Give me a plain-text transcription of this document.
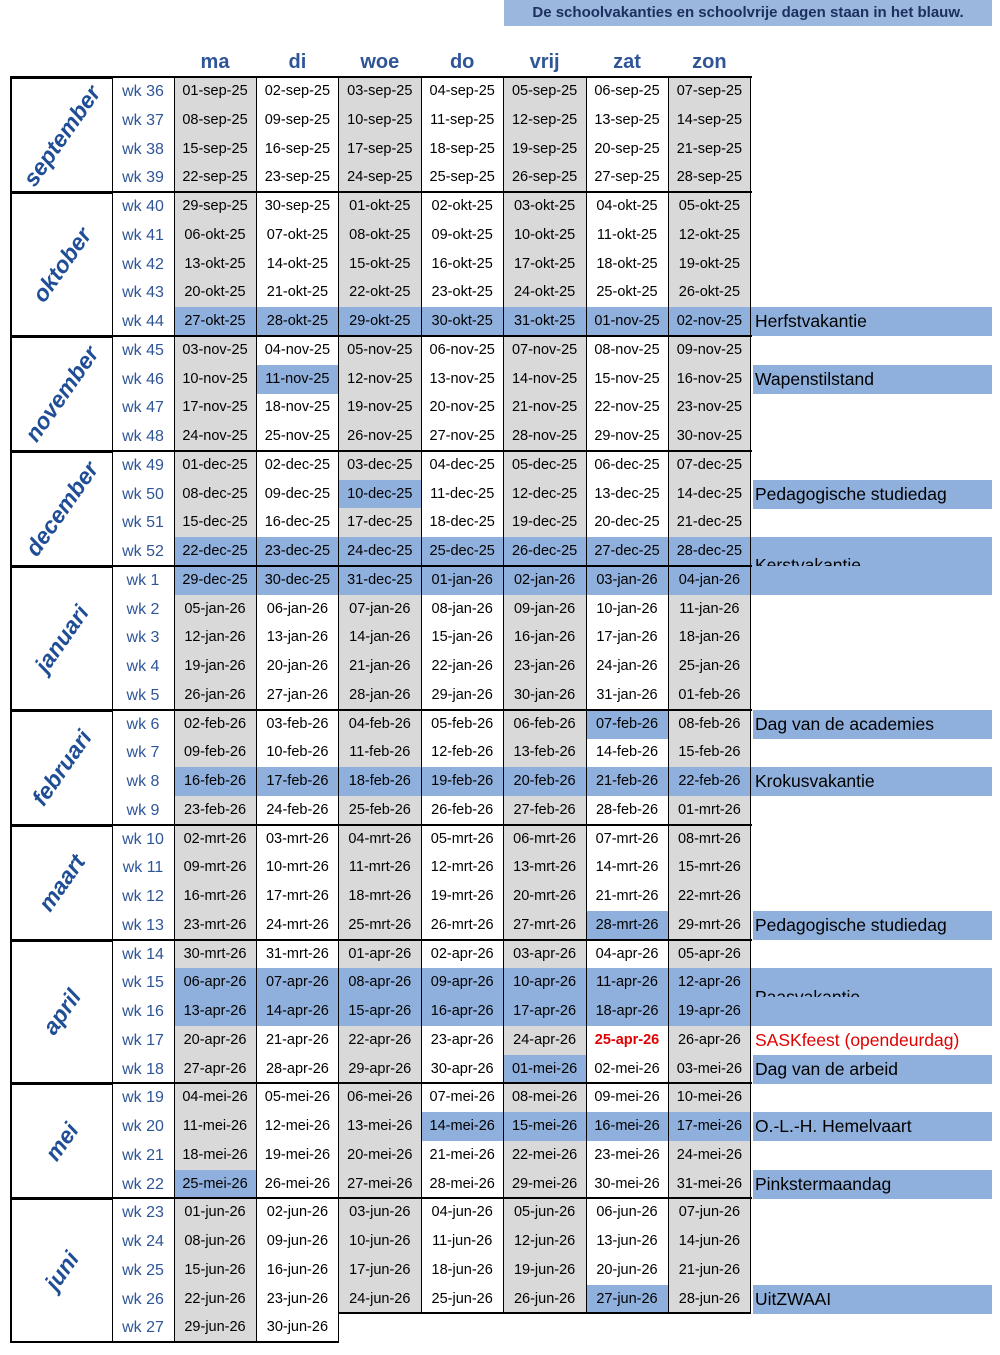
De schoolvakanties en schoolvrije dagen staan in het blauw.
ma	di	woe	do	vrij	zat	zon
wk 36	01-sep-25	02-sep-25	03-sep-25	04-sep-25	05-sep-25	06-sep-25	07-sep-25
wk 37	08-sep-25	09-sep-25	10-sep-25	11-sep-25	12-sep-25	13-sep-25	14-sep-25
wk 38	15-sep-25	16-sep-25	17-sep-25	18-sep-25	19-sep-25	20-sep-25	21-sep-25
wk 39	22-sep-25	23-sep-25	24-sep-25	25-sep-25	26-sep-25	27-sep-25	28-sep-25
wk 40	29-sep-25	30-sep-25	01-okt-25	02-okt-25	03-okt-25	04-okt-25	05-okt-25
wk 41	06-okt-25	07-okt-25	08-okt-25	09-okt-25	10-okt-25	11-okt-25	12-okt-25
wk 42	13-okt-25	14-okt-25	15-okt-25	16-okt-25	17-okt-25	18-okt-25	19-okt-25
wk 43	20-okt-25	21-okt-25	22-okt-25	23-okt-25	24-okt-25	25-okt-25	26-okt-25
wk 44	27-okt-25	28-okt-25	29-okt-25	30-okt-25	31-okt-25	01-nov-25	02-nov-25 Herfstvakantie
wk 45	03-nov-25	04-nov-25	05-nov-25	06-nov-25	07-nov-25	08-nov-25	09-nov-25
wk 46	10-nov-25	11-nov-25	12-nov-25	13-nov-25	14-nov-25	15-nov-25	16-nov-25 Wapenstilstand
wk 47	17-nov-25	18-nov-25	19-nov-25	20-nov-25	21-nov-25	22-nov-25	23-nov-25
wk 48	24-nov-25	25-nov-25	26-nov-25	27-nov-25	28-nov-25	29-nov-25	30-nov-25
wk 49	01-dec-25	02-dec-25	03-dec-25	04-dec-25	05-dec-25	06-dec-25	07-dec-25
wk 50	08-dec-25	09-dec-25	10-dec-25	11-dec-25	12-dec-25	13-dec-25	14-dec-25 Pedagogische studiedag
wk 51	15-dec-25	16-dec-25	17-dec-25	18-dec-25	19-dec-25	20-dec-25	21-dec-25
wk 52	22-dec-25	23-dec-25	24-dec-25	25-dec-25	26-dec-25	27-dec-25	28-dec-25
wk 1	29-dec-25	30-dec-25	31-dec-25	01-jan-26	02-jan-26	03-jan-26	04-jan-26
wk 2	05-jan-26	06-jan-26	07-jan-26	08-jan-26	09-jan-26	10-jan-26	11-jan-26
wk 3	12-jan-26	13-jan-26	14-jan-26	15-jan-26	16-jan-26	17-jan-26	18-jan-26
wk 4	19-jan-26	20-jan-26	21-jan-26	22-jan-26	23-jan-26	24-jan-26	25-jan-26
wk 5	26-jan-26	27-jan-26	28-jan-26	29-jan-26	30-jan-26	31-jan-26	01-feb-26
wk 6	02-feb-26	03-feb-26	04-feb-26	05-feb-26	06-feb-26	07-feb-26	08-feb-26 Dag van de academies
wk 7	09-feb-26	10-feb-26	11-feb-26	12-feb-26	13-feb-26	14-feb-26	15-feb-26
wk 8	16-feb-26	17-feb-26	18-feb-26	19-feb-26	20-feb-26	21-feb-26	22-feb-26 Krokusvakantie
wk 9	23-feb-26	24-feb-26	25-feb-26	26-feb-26	27-feb-26	28-feb-26	01-mrt-26
wk 10	02-mrt-26	03-mrt-26	04-mrt-26	05-mrt-26	06-mrt-26	07-mrt-26	08-mrt-26
wk 11	09-mrt-26	10-mrt-26	11-mrt-26	12-mrt-26	13-mrt-26	14-mrt-26	15-mrt-26
wk 12	16-mrt-26	17-mrt-26	18-mrt-26	19-mrt-26	20-mrt-26	21-mrt-26	22-mrt-26
wk 13	23-mrt-26	24-mrt-26	25-mrt-26	26-mrt-26	27-mrt-26	28-mrt-26	29-mrt-26 Pedagogische studiedag
wk 14	30-mrt-26	31-mrt-26	01-apr-26	02-apr-26	03-apr-26	04-apr-26	05-apr-26
wk 15	06-apr-26	07-apr-26	08-apr-26	09-apr-26	10-apr-26	11-apr-26	12-apr-26
wk 16	13-apr-26	14-apr-26	15-apr-26	16-apr-26	17-apr-26	18-apr-26	19-apr-26
wk 17	20-apr-26	21-apr-26	22-apr-26	23-apr-26	24-apr-26	25-apr-26	26-apr-26 SASKfeest (opendeurdag)
wk 18	27-apr-26	28-apr-26	29-apr-26	30-apr-26	01-mei-26	02-mei-26	03-mei-26 Dag van de arbeid
wk 19	04-mei-26	05-mei-26	06-mei-26	07-mei-26	08-mei-26	09-mei-26	10-mei-26
wk 20	11-mei-26	12-mei-26	13-mei-26	14-mei-26	15-mei-26	16-mei-26	17-mei-26 O.-L.-H. Hemelvaart
wk 21	18-mei-26	19-mei-26	20-mei-26	21-mei-26	22-mei-26	23-mei-26	24-mei-26
wk 22	25-mei-26	26-mei-26	27-mei-26	28-mei-26	29-mei-26	30-mei-26	31-mei-26 Pinkstermaandag
wk 23	01-jun-26	02-jun-26	03-jun-26	04-jun-26	05-jun-26	06-jun-26	07-jun-26
wk 24	08-jun-26	09-jun-26	10-jun-26	11-jun-26	12-jun-26	13-jun-26	14-jun-26
wk 25	15-jun-26	16-jun-26	17-jun-26	18-jun-26	19-jun-26	20-jun-26	21-jun-26
wk 26	22-jun-26	23-jun-26	24-jun-26	25-jun-26	26-jun-26	27-jun-26	28-jun-26 UitZWAAI
wk 27	29-jun-26	30-jun-26
september
oktober
november
december
januari
februari
maart
april
mei
juni
